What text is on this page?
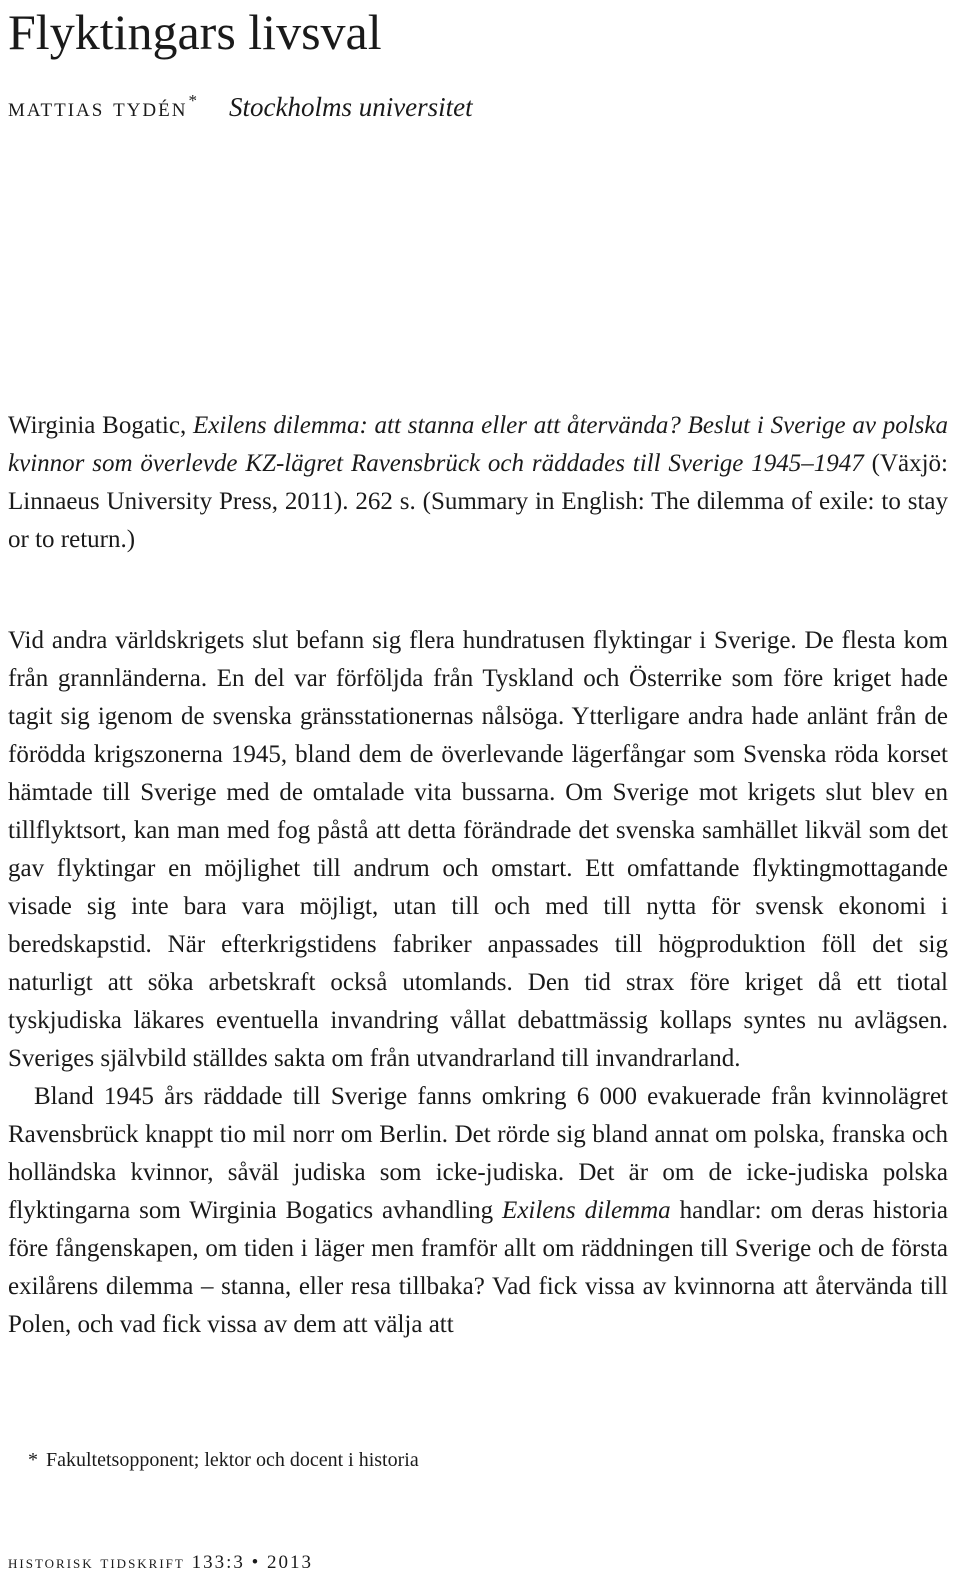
Flyktingars livsval
mattias tydén* Stockholms universitet

Wirginia Bogatic, Exilens dilemma: att stanna eller att återvända? Beslut i Sverige av polska kvinnor som överlevde KZ-lägret Ravensbrück och räddades till Sverige 1945–1947 (Växjö: Linnaeus University Press, 2011). 262 s. (Summary in English: The dilemma of exile: to stay or to return.)

Vid andra världskrigets slut befann sig flera hundratusen flyktingar i Sverige. De flesta kom från grannländerna. En del var förföljda från Tyskland och Österrike som före kriget hade tagit sig igenom de svenska gränsstationernas nålsöga. Ytterligare andra hade anlänt från de förödda krigszonerna 1945, bland dem de överlevande lägerfångar som Svenska röda korset hämtade till Sverige med de omtalade vita bussarna. Om Sverige mot krigets slut blev en tillflyktsort, kan man med fog påstå att detta förändrade det svenska samhället likväl som det gav flyktingar en möjlighet till andrum och omstart. Ett omfattande flyktingmottagande visade sig inte bara vara möjligt, utan till och med till nytta för svensk ekonomi i beredskapstid. När efterkrigstidens fabriker anpassades till högproduktion föll det sig naturligt att söka arbetskraft också utomlands. Den tid strax före kriget då ett tiotal tyskjudiska läkares eventuella invandring vållat debattmässig kollaps syntes nu avlägsen. Sveriges självbild ställdes sakta om från utvandrarland till invandrarland.

Bland 1945 års räddade till Sverige fanns omkring 6 000 evakuerade från kvinnolägret Ravensbrück knappt tio mil norr om Berlin. Det rörde sig bland annat om polska, franska och holländska kvinnor, såväl judiska som icke-judiska. Det är om de icke-judiska polska flyktingarna som Wirginia Bogatics avhandling Exilens dilemma handlar: om deras historia före fångenskapen, om tiden i läger men framför allt om räddningen till Sverige och de första exilårens dilemma – stanna, eller resa tillbaka? Vad fick vissa av kvinnorna att återvända till Polen, och vad fick vissa av dem att välja att

* Fakultetsopponent; lektor och docent i historia
historisk tidskrift 133:3 • 2013
